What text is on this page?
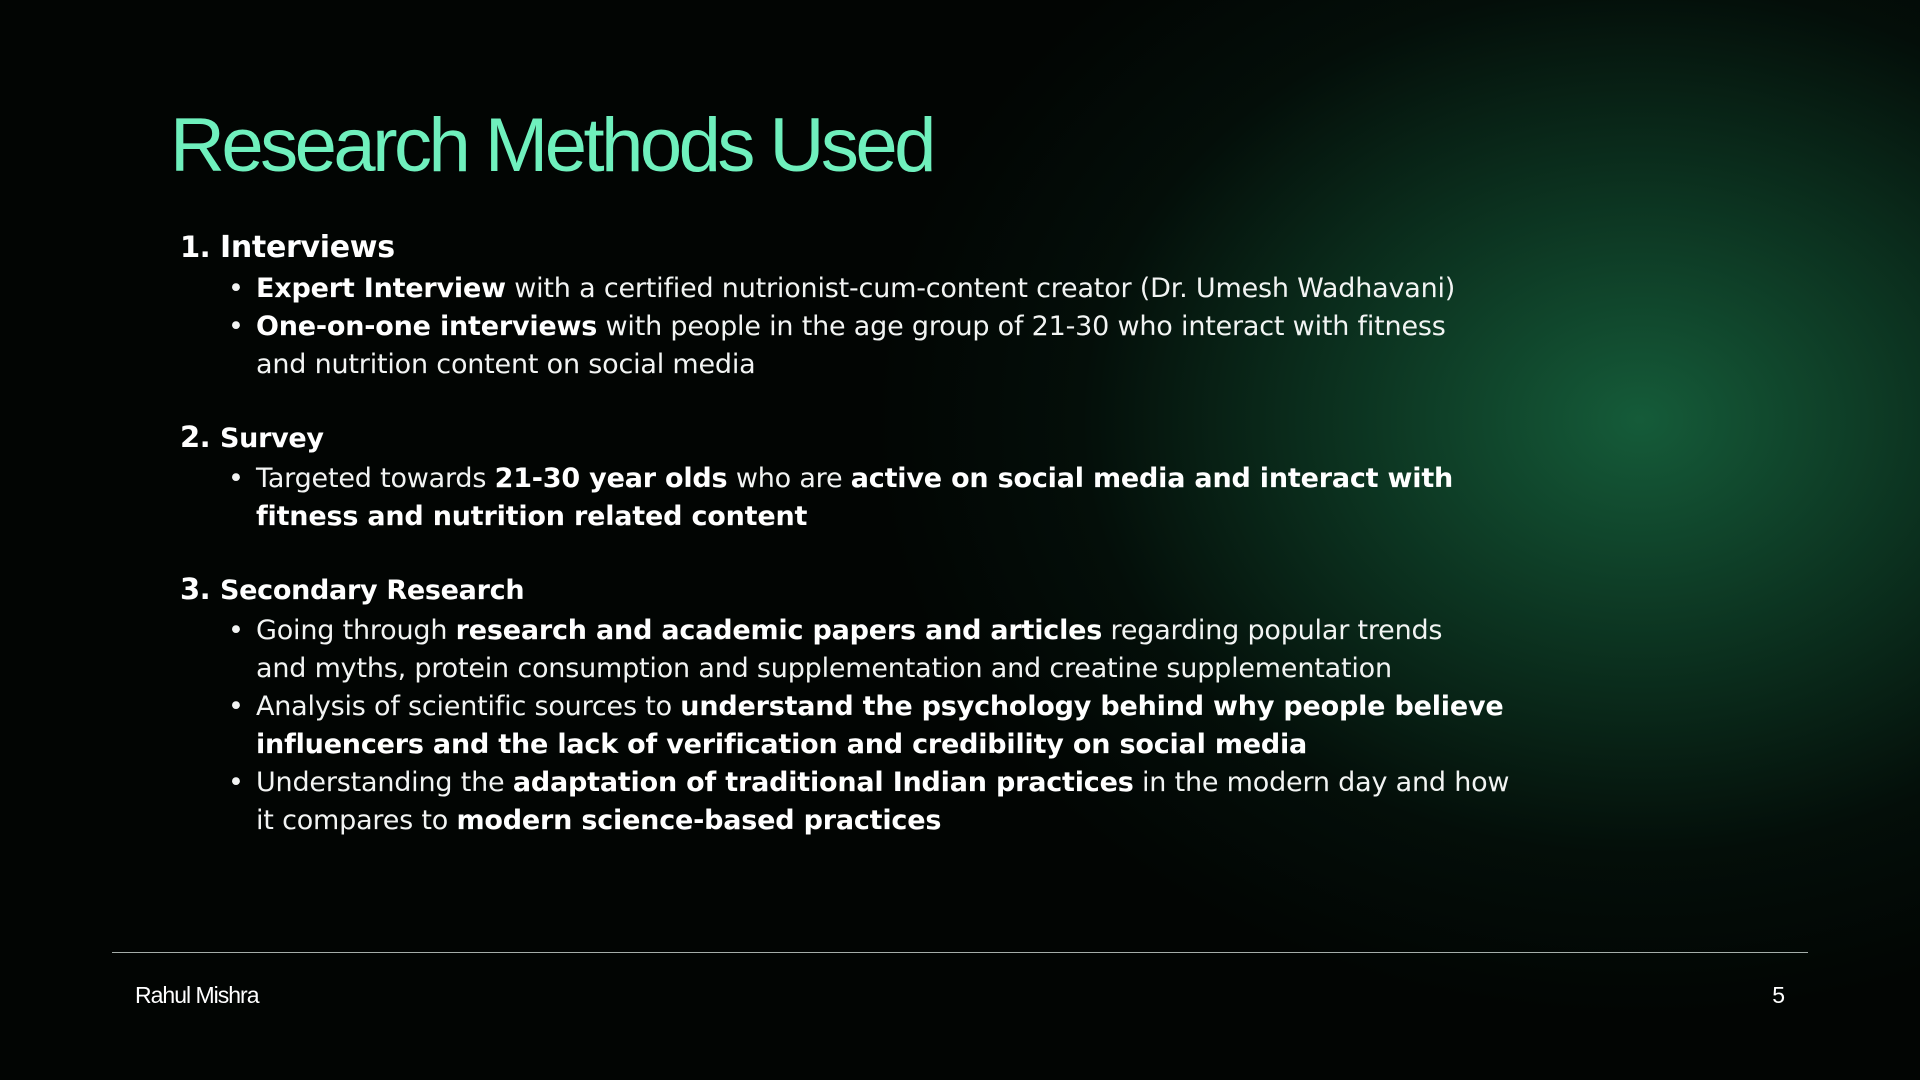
Research Methods Used
1. Interviews
• Expert Interview with a certified nutrionist-cum-content creator (Dr. Umesh Wadhavani)
• One-on-one interviews with people in the age group of 21-30 who interact with fitness
and nutrition content on social media
2. Survey
• Targeted towards 21-30 year olds who are active on social media and interact with
fitness and nutrition related content
3. Secondary Research
• Going through research and academic papers and articles regarding popular trends
and myths, protein consumption and supplementation and creatine supplementation
• Analysis of scientific sources to understand the psychology behind why people believe
influencers and the lack of verification and credibility on social media
• Understanding the adaptation of traditional Indian practices in the modern day and how
it compares to modern science-based practices
Rahul Mishra	5
